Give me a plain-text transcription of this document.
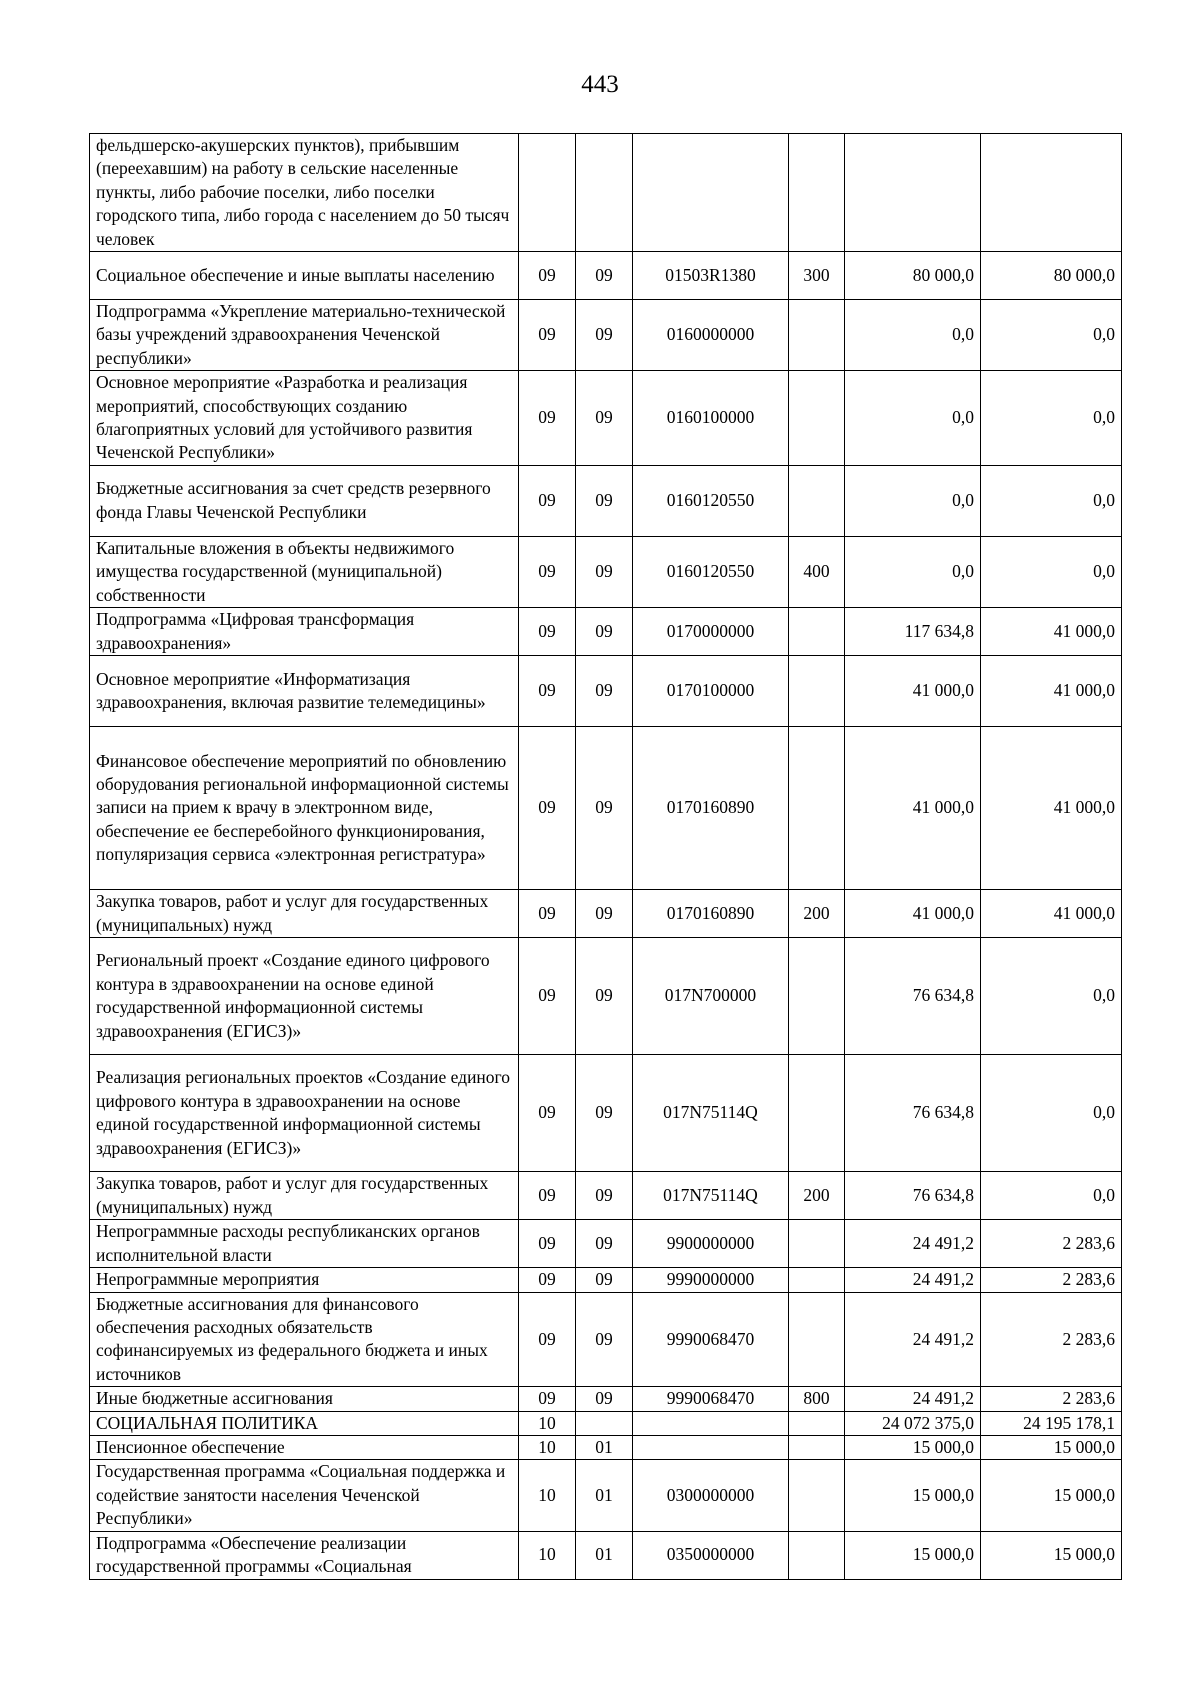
443
фельдшерско-акушерских пунктов), прибывшим (переехавшим) на работу в сельские населенные пункты, либо рабочие поселки, либо поселки городского типа, либо города с населением до 50 тысяч человек						
Социальное обеспечение и иные выплаты населению	09	09	01503R1380	300	80 000,0	80 000,0
Подпрограмма «Укрепление материально-технической базы учреждений здравоохранения Чеченской республики»	09	09	0160000000		0,0	0,0
Основное мероприятие «Разработка и реализация мероприятий, способствующих созданию благоприятных условий для устойчивого развития Чеченской Республики»	09	09	0160100000		0,0	0,0
Бюджетные ассигнования за счет средств резервного фонда Главы Чеченской Республики	09	09	0160120550		0,0	0,0
Капитальные вложения в объекты недвижимого имущества государственной (муниципальной) собственности	09	09	0160120550	400	0,0	0,0
Подпрограмма «Цифровая трансформация здравоохранения»	09	09	0170000000		117 634,8	41 000,0
Основное мероприятие «Информатизация здравоохранения, включая развитие телемедицины»	09	09	0170100000		41 000,0	41 000,0
Финансовое обеспечение мероприятий по обновлению оборудования региональной информационной системы записи на прием к врачу в электронном виде, обеспечение ее бесперебойного функционирования, популяризация сервиса «электронная регистратура»	09	09	0170160890		41 000,0	41 000,0
Закупка товаров, работ и услуг для государственных (муниципальных) нужд	09	09	0170160890	200	41 000,0	41 000,0
Региональный проект «Создание единого цифрового контура в здравоохранении на основе единой государственной информационной системы здравоохранения (ЕГИСЗ)»	09	09	017N700000		76 634,8	0,0
Реализация региональных проектов «Создание единого цифрового контура в здравоохранении на основе единой государственной информационной системы здравоохранения (ЕГИСЗ)»	09	09	017N75114Q		76 634,8	0,0
Закупка товаров, работ и услуг для государственных (муниципальных) нужд	09	09	017N75114Q	200	76 634,8	0,0
Непрограммные расходы республиканских органов исполнительной власти	09	09	9900000000		24 491,2	2 283,6
Непрограммные мероприятия	09	09	9990000000		24 491,2	2 283,6
Бюджетные ассигнования для финансового обеспечения расходных обязательств софинансируемых из федерального бюджета и иных источников	09	09	9990068470		24 491,2	2 283,6
Иные бюджетные ассигнования	09	09	9990068470	800	24 491,2	2 283,6
СОЦИАЛЬНАЯ ПОЛИТИКА	10				24 072 375,0	24 195 178,1
Пенсионное обеспечение	10	01			15 000,0	15 000,0
Государственная программа «Социальная поддержка и содействие занятости населения Чеченской Республики»	10	01	0300000000		15 000,0	15 000,0
Подпрограмма «Обеспечение реализации государственной программы «Социальная	10	01	0350000000		15 000,0	15 000,0
